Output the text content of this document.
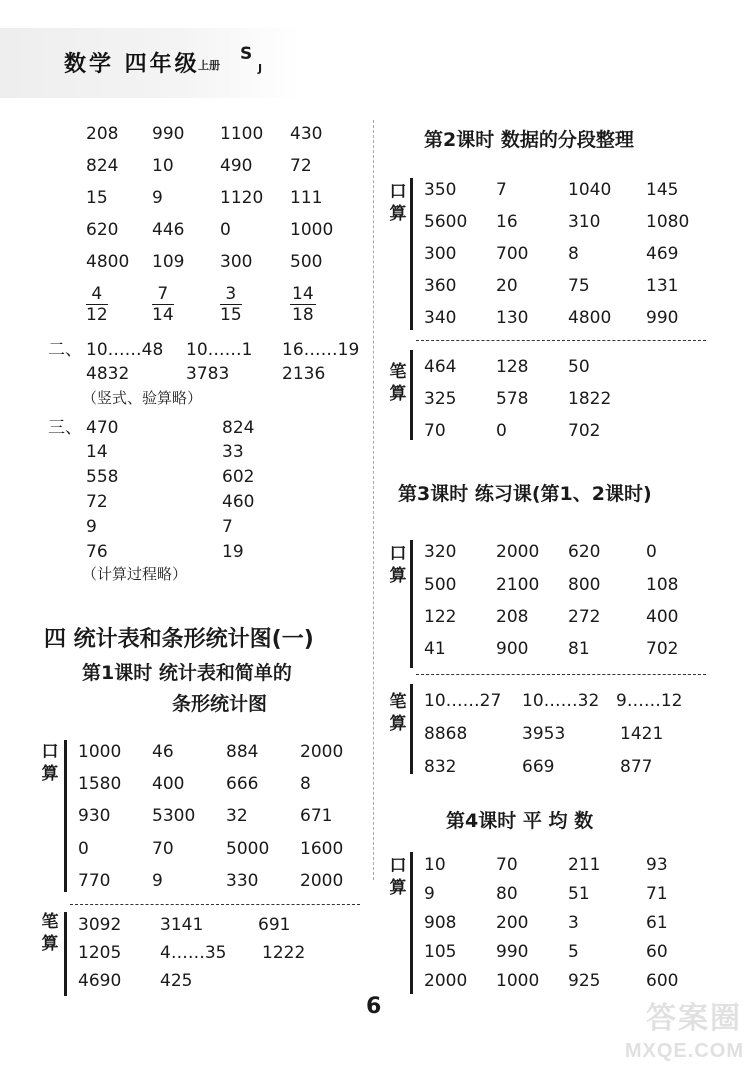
数学 四年级
上册
S
J
208 990 1100 430
824 10	490 72
15	9	1120 111
620 446 0	1000
4800 109 300 500
$\frac{4}{12}$	$\frac{7}{14}$	$\frac{3}{15}$	$\frac{14}{18}$
二、 10……48 10……1 16……19
4832	3783	2136
（竖式、验算略）
三、 470	824
14	33
558	602
72	460
9	7
76	19
（计算过程略）
四 统计表和条形统计图(一)
第1课时 统计表和简单的
条形统计图
口
算
1000 46	884 2000
1580 400 666 8
930 5300 32	671
0	70	5000 1600
770 9	330 2000
笔
算
3092 3141	691
1205 4……35 1222
4690 425
第2课时 数据的分段整理
口
算
350 7	1040 145
5600 16	310	1080
300 700 8	469
360 20	75	131
340 130 4800 990
笔
算
464 128 50
325 578 1822
70	0	702
第3课时 练习课(第1、2课时)
口
算
320 2000 620	0
500 2100 800	108
122 208 272	400
41	900 81	702
笔
算
10……27 10……32 9……12
8868	3953	1421
832	669	877
第4课时 平 均 数
口
算
10	70	211	93
9	80	51	71
908 200 3	61
105 990 5	60
2000 1000 925	600
6	答案圈
MXQE.COM
